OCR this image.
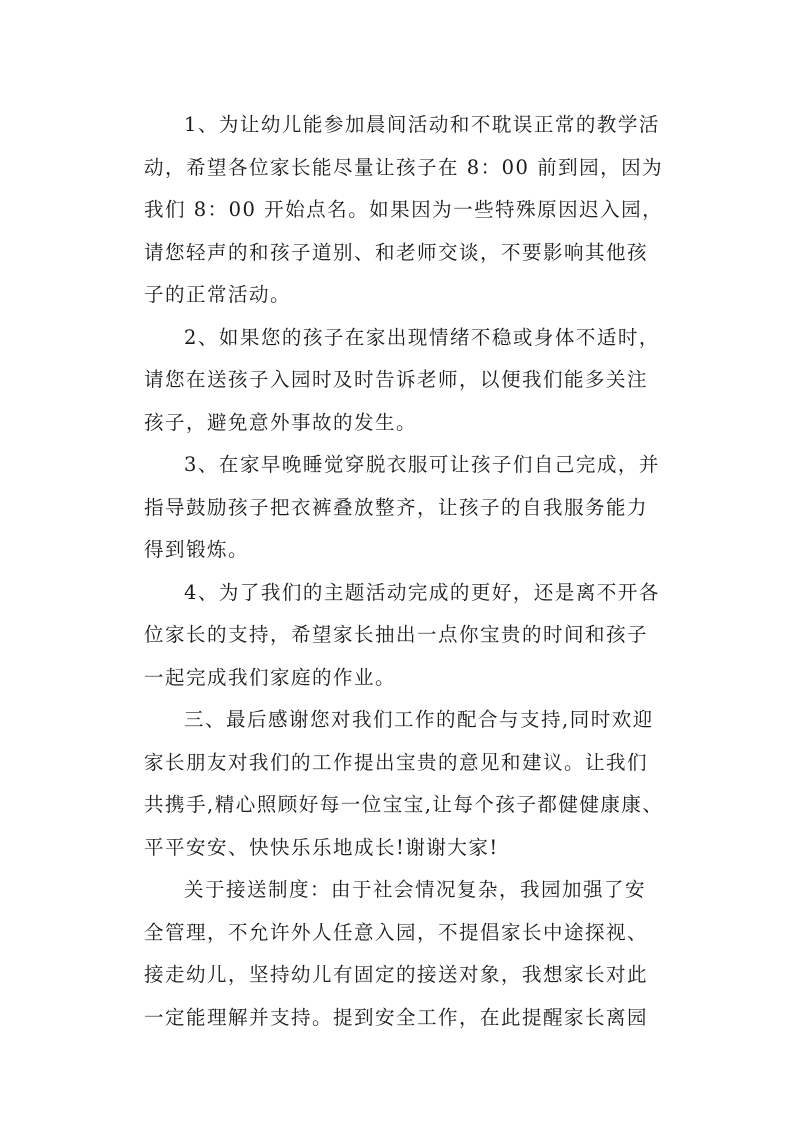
1、为让幼儿能参加晨间活动和不耽误正常的教学活
动，希望各位家长能尽量让孩子在 8：00 前到园，因为
我们 8：00 开始点名。如果因为一些特殊原因迟入园，
请您轻声的和孩子道别、和老师交谈，不要影响其他孩
子的正常活动。
2、如果您的孩子在家出现情绪不稳或身体不适时，
请您在送孩子入园时及时告诉老师，以便我们能多关注
孩子，避免意外事故的发生。
3、在家早晚睡觉穿脱衣服可让孩子们自己完成，并
指导鼓励孩子把衣裤叠放整齐，让孩子的自我服务能力
得到锻炼。
4、为了我们的主题活动完成的更好，还是离不开各
位家长的支持，希望家长抽出一点你宝贵的时间和孩子
一起完成我们家庭的作业。
三、最后感谢您对我们工作的配合与支持,同时欢迎
家长朋友对我们的工作提出宝贵的意见和建议。让我们
共携手,精心照顾好每一位宝宝,让每个孩子都健健康康、
平平安安、快快乐乐地成长!谢谢大家!
关于接送制度：由于社会情况复杂，我园加强了安
全管理，不允许外人任意入园，不提倡家长中途探视、
接走幼儿，坚持幼儿有固定的接送对象，我想家长对此
一定能理解并支持。提到安全工作，在此提醒家长离园
